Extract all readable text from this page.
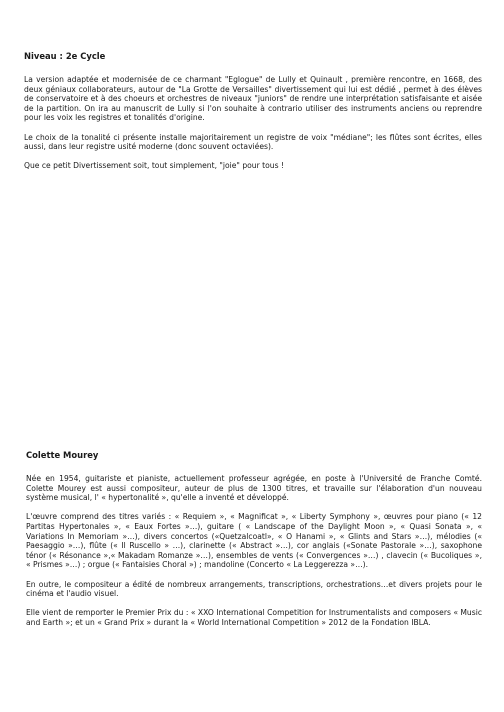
Niveau : 2e Cycle

La version adaptée et modernisée de ce charmant "Eglogue" de Lully et Quinault , première rencontre, en 1668, des deux géniaux collaborateurs, autour de "La Grotte de Versailles" divertissement qui lui est dédié , permet à des élèves de conservatoire et à des choeurs et orchestres de niveaux "juniors" de rendre une interprétation satisfaisante et aisée de la partition. On ira au manuscrit de Lully si l'on souhaite à contrario utiliser des instruments anciens ou reprendre pour les voix les registres et tonalités d'origine.

Le choix de la tonalité ci présente installe majoritairement un registre de voix "médiane"; les flûtes sont écrites, elles aussi, dans leur registre usité moderne (donc souvent octaviées).

Que ce petit Divertissement soit, tout simplement, "joie" pour tous !

Colette Mourey

Née en 1954, guitariste et pianiste, actuellement professeur agrégée, en poste à l'Université de Franche Comté. Colette Mourey est aussi compositeur, auteur de plus de 1300 titres, et travaille sur l'élaboration d'un nouveau système musical, l' « hypertonalité », qu'elle a inventé et développé.

L'œuvre comprend des titres variés : « Requiem », « Magnificat », « Liberty Symphony », œuvres pour piano (« 12 Partitas Hypertonales », « Eaux Fortes »…), guitare ( « Landscape of the Daylight Moon », « Quasi Sonata », « Variations In Memoriam »…), divers concertos («Quetzalcoatl», « O Hanami », « Glints and Stars »…), mélodies (« Paesaggio »…), flûte (« Il Ruscello » …), clarinette (« Abstract »…), cor anglais («Sonate Pastorale »…), saxophone ténor (« Résonance »,« Makadam Romanze »…), ensembles de vents (« Convergences »…) , clavecin (« Bucoliques », « Prismes »…) ; orgue (« Fantaisies Choral ») ; mandoline (Concerto « La Leggerezza »…).

En outre, le compositeur a édité de nombreux arrangements, transcriptions, orchestrations…et divers projets pour le cinéma et l'audio visuel.

Elle vient de remporter le Premier Prix du : « XXO International Competition for Instrumentalists and composers « Music and Earth »; et un « Grand Prix » durant la « World International Competition » 2012 de la Fondation IBLA.
